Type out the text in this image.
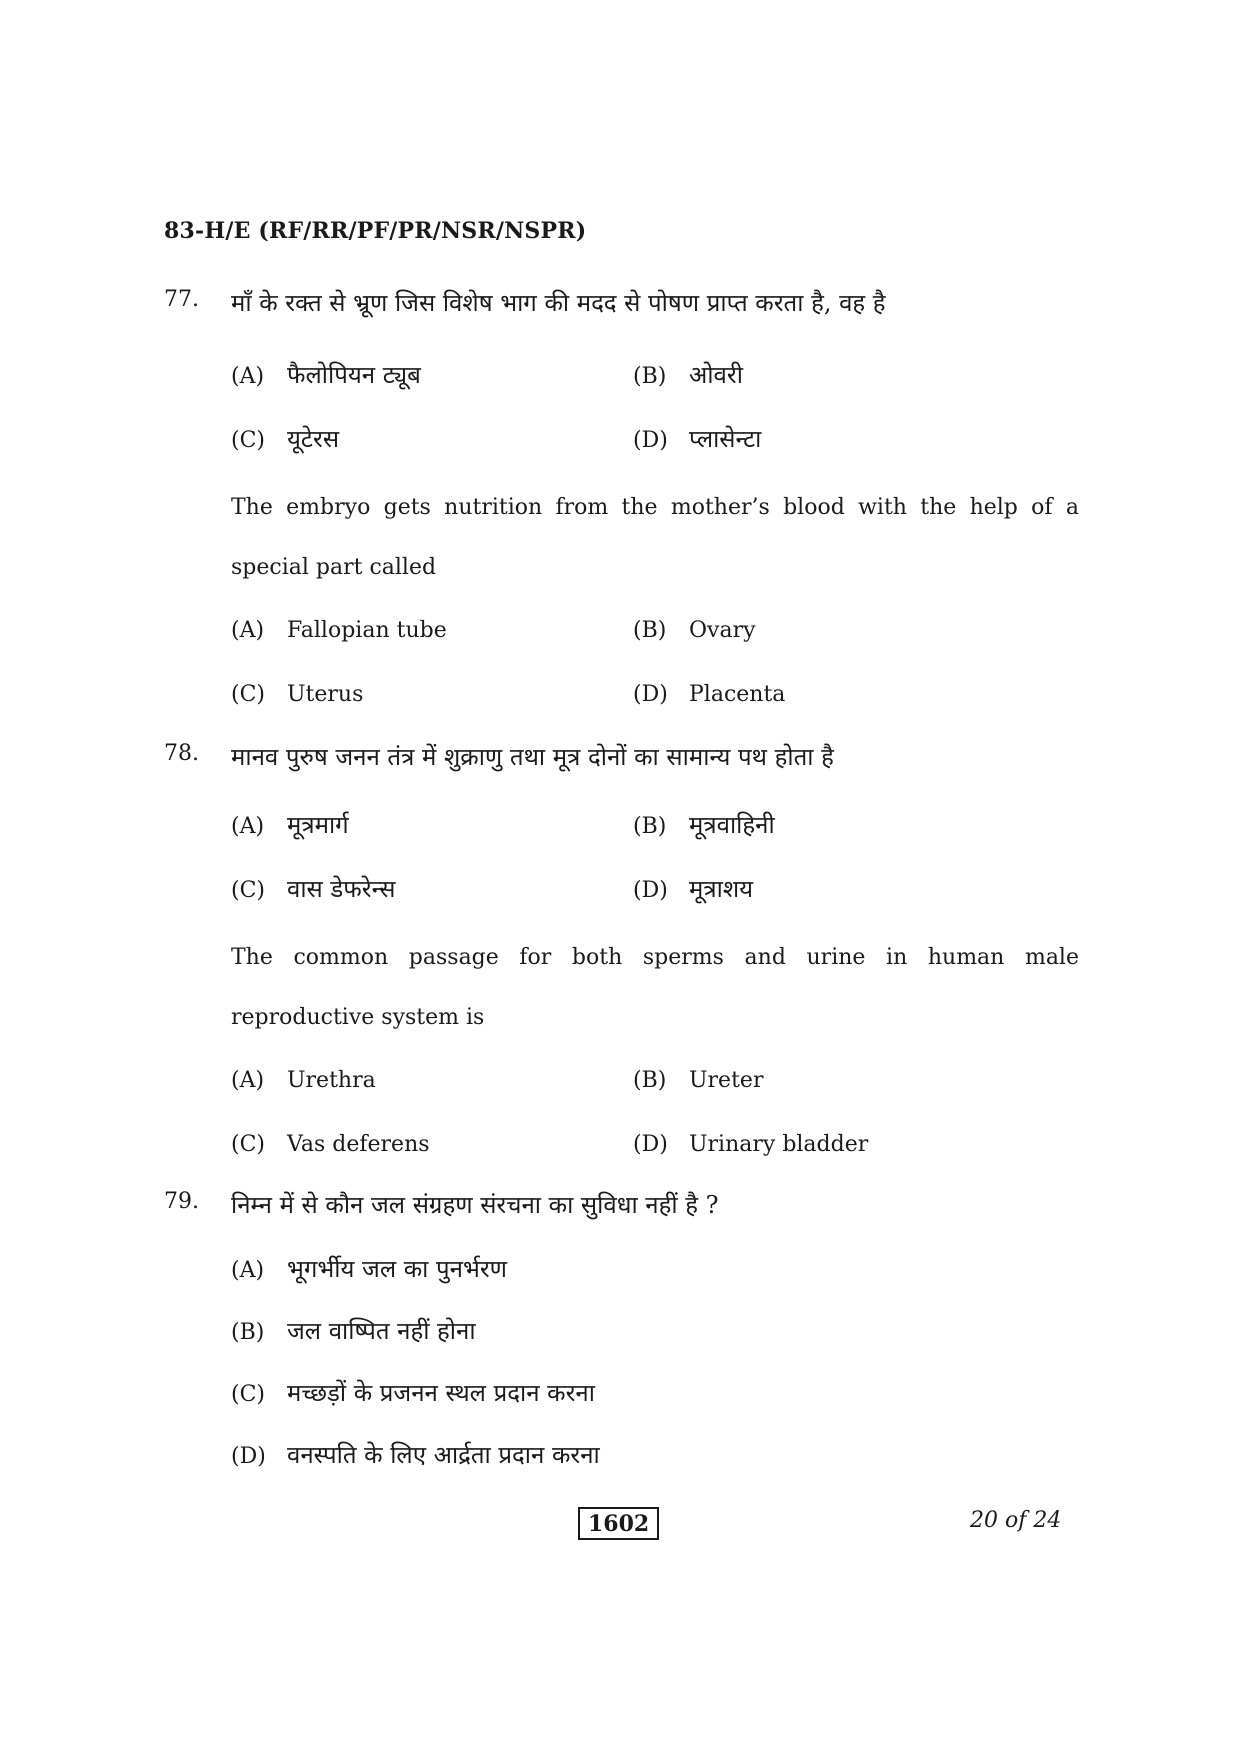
83-H/E (RF/RR/PF/PR/NSR/NSPR)
77. माँ के रक्त से भ्रूण जिस विशेष भाग की मदद से पोषण प्राप्त करता है, वह है
(A) फैलोपियन ट्यूब	(B) ओवरी
(C) यूटेरस	(D) प्लासेन्टा
The embryo gets nutrition from the mother’s blood with the help of a special part called
(A) Fallopian tube	(B) Ovary
(C) Uterus	(D) Placenta
78. मानव पुरुष जनन तंत्र में शुक्राणु तथा मूत्र दोनों का सामान्य पथ होता है
(A) मूत्रमार्ग	(B) मूत्रवाहिनी
(C) वास डेफरेन्स	(D) मूत्राशय
The common passage for both sperms and urine in human male reproductive system is
(A) Urethra	(B) Ureter
(C) Vas deferens	(D) Urinary bladder
79. निम्न में से कौन जल संग्रहण संरचना का सुविधा नहीं है ?
(A) भूगर्भीय जल का पुनर्भरण
(B) जल वाष्पित नहीं होना
(C) मच्छड़ों के प्रजनन स्थल प्रदान करना
(D) वनस्पति के लिए आर्द्रता प्रदान करना
1602	20 of 24
